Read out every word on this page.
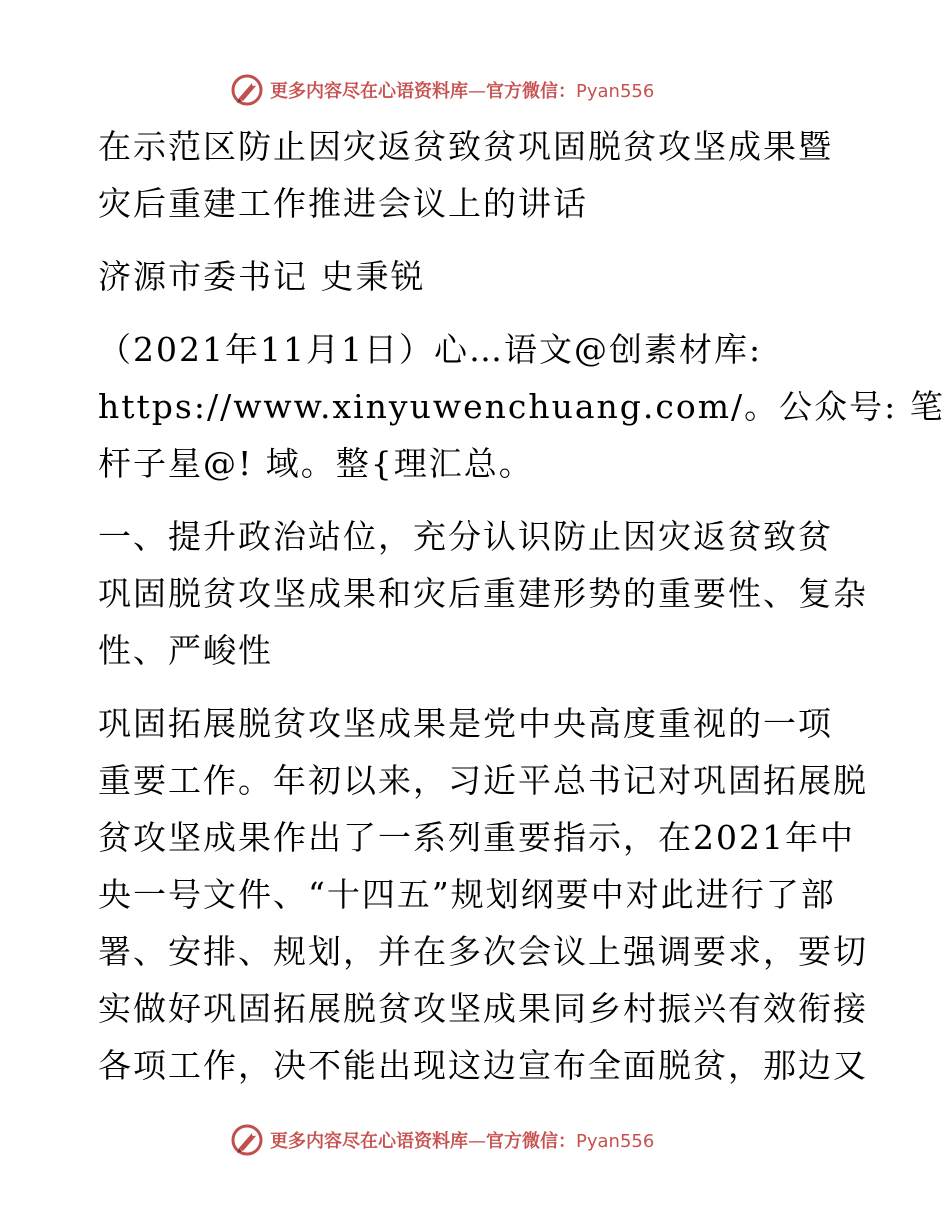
更多内容尽在心语资料库—官方微信：Pyan556
在示范区防止因灾返贫致贫巩固脱贫攻坚成果暨
灾后重建工作推进会议上的讲话
济源市委书记 史秉锐
（2021年11月1日）心…语文@创素材库:
https://www.xinyuwenchuang.com/。公众号: 笔
杆子星@! 域。整{理汇总。
一、提升政治站位，充分认识防止因灾返贫致贫
巩固脱贫攻坚成果和灾后重建形势的重要性、复杂
性、严峻性
巩固拓展脱贫攻坚成果是党中央高度重视的一项
重要工作。年初以来，习近平总书记对巩固拓展脱
贫攻坚成果作出了一系列重要指示，在2021年中
央一号文件、“十四五”规划纲要中对此进行了部
署、安排、规划，并在多次会议上强调要求，要切
实做好巩固拓展脱贫攻坚成果同乡村振兴有效衔接
各项工作，决不能出现这边宣布全面脱贫，那边又
更多内容尽在心语资料库—官方微信：Pyan556
